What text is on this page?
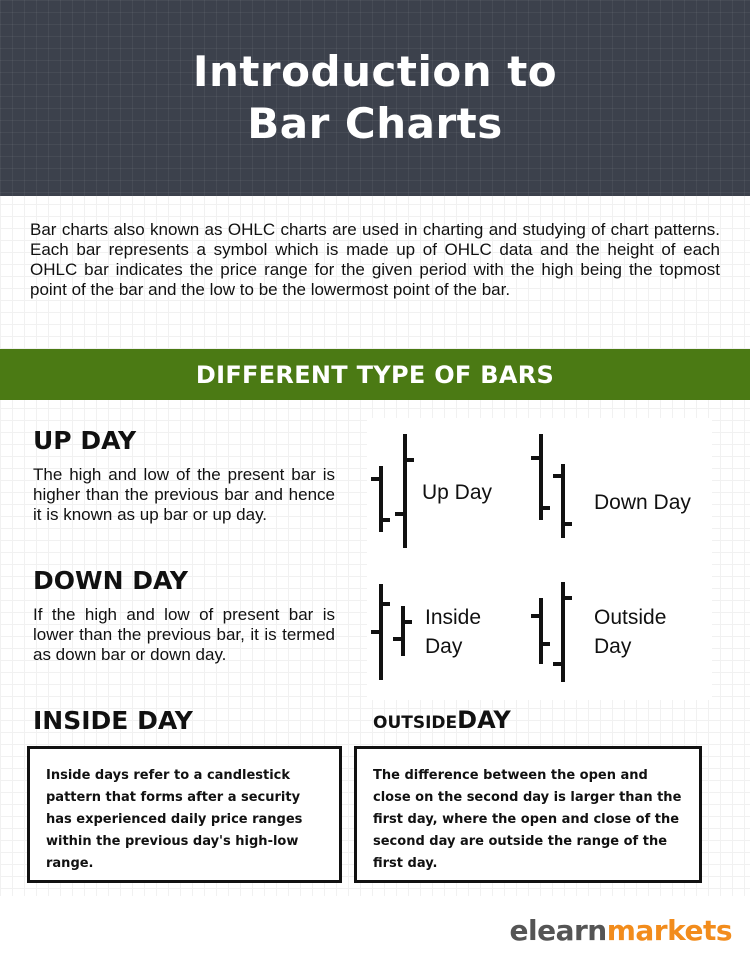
Introduction to
Bar Charts

Bar charts also known as OHLC charts are used in charting and studying of chart patterns. Each bar represents a symbol which is made up of OHLC data and the height of each OHLC bar indicates the price range for the given period with the high being the topmost point of the bar and the low to be the lowermost point of the bar.

DIFFERENT TYPE OF BARS
UP DAY

The high and low of the present bar is higher than the previous bar and hence it is known as up bar or up day.

DOWN DAY

If the high and low of present bar is lower than the previous bar, it is termed as down bar or down day.

Up Day	Down Day
Inside
Day
Outside
Day
INSIDE DAY
Inside days refer to a candlestick pattern that forms after a security has experienced daily price ranges within the previous day's high-low range.
OUTSIDEDAY
The difference between the open and close on the second day is larger than the first day, where the open and close of the second day are outside the range of the first day.
elearnmarkets
